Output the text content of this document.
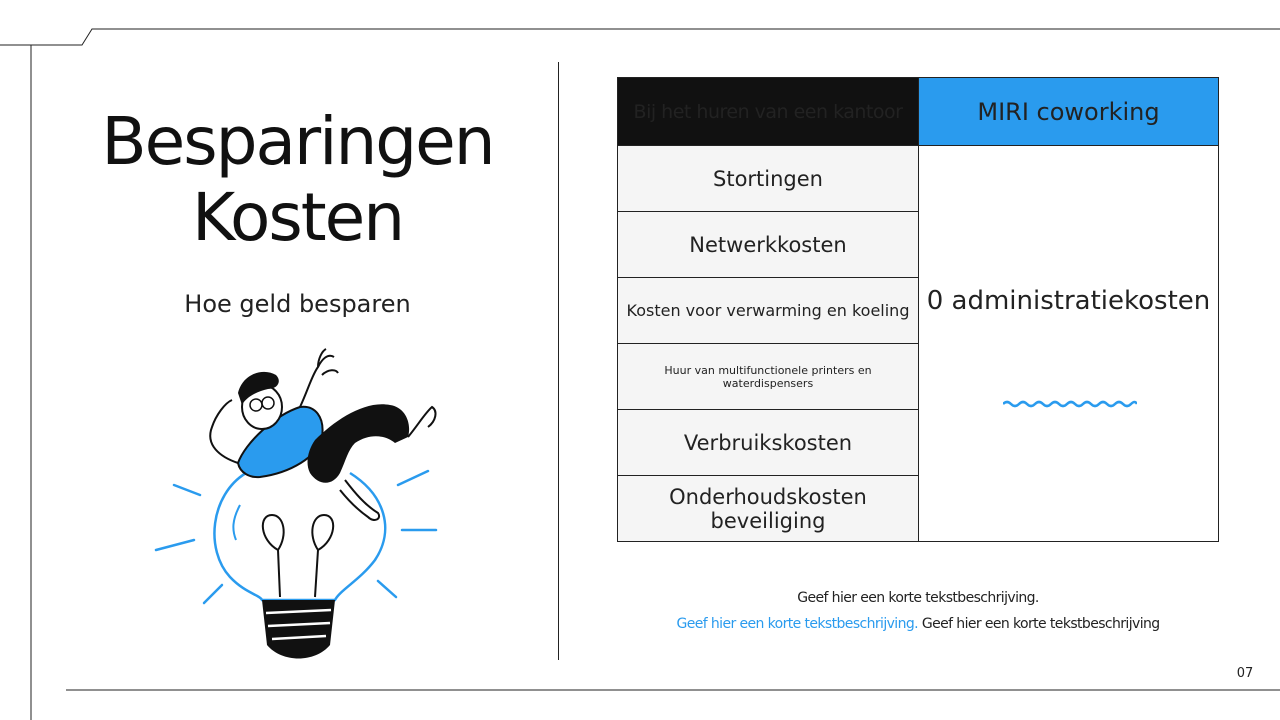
Besparingen
Kosten
Hoe geld besparen
Bij het huren van een kantoor	MIRI coworking
Stortingen	0 administratiekosten

Netwerkkosten	
Kosten voor verwarming en koeling	
Huur van multifunctionele printers en waterdispensers	
Verbruikskosten	
Onderhoudskosten beveiliging	
Geef hier een korte tekstbeschrijving.
Geef hier een korte tekstbeschrijving. Geef hier een korte tekstbeschrijving
07
